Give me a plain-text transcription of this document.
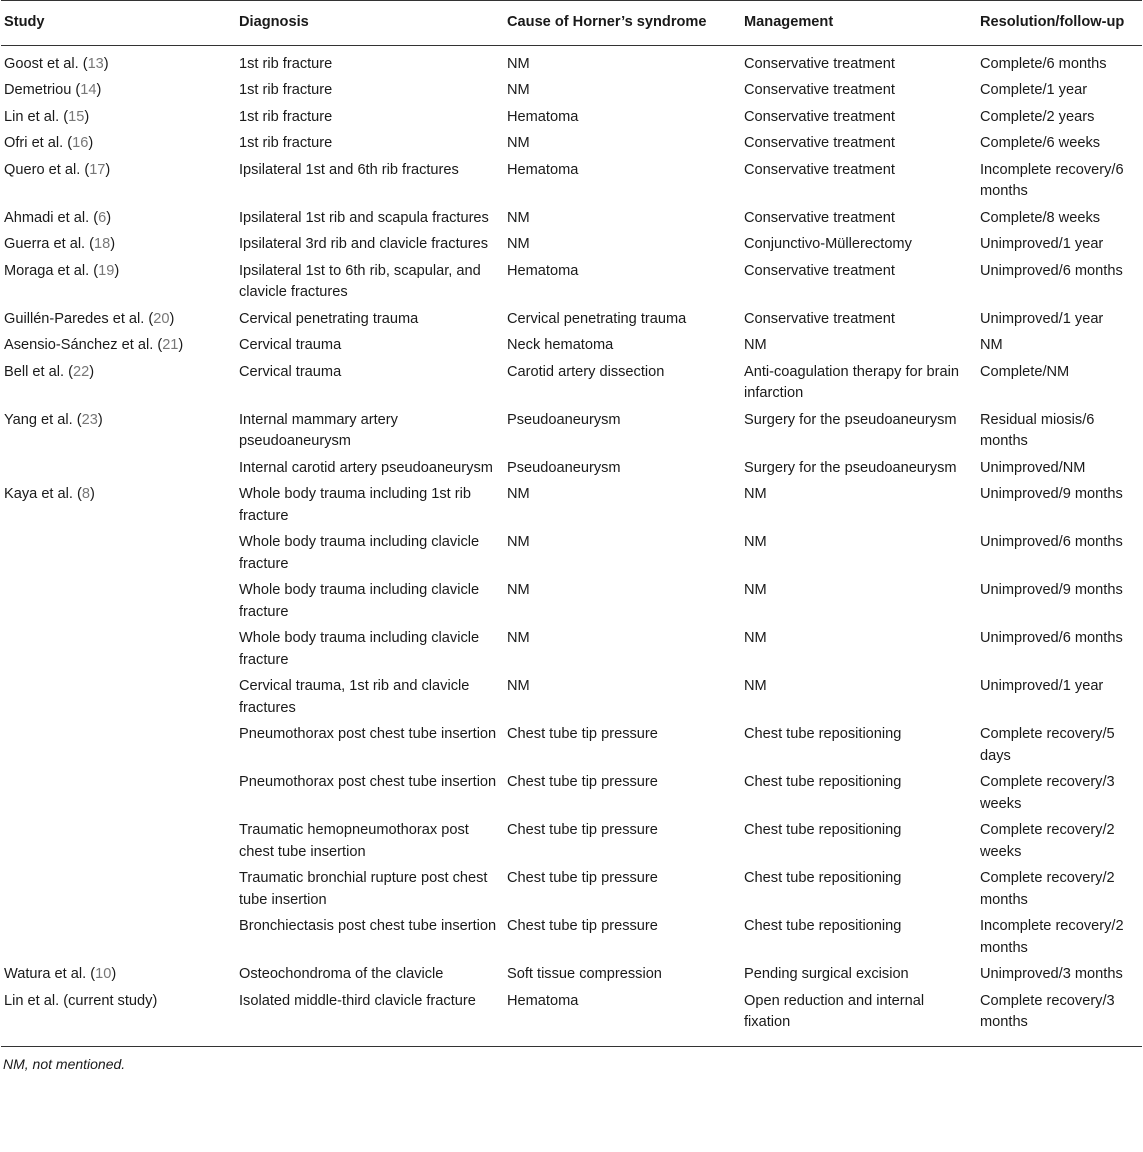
Study	Diagnosis	Cause of Horner’s syndrome	Management	Resolution/follow-up
Goost et al. (13)	1st rib fracture	NM	Conservative treatment	Complete/6 months
Demetriou (14)	1st rib fracture	NM	Conservative treatment	Complete/1 year
Lin et al. (15)	1st rib fracture	Hematoma	Conservative treatment	Complete/2 years
Ofri et al. (16)	1st rib fracture	NM	Conservative treatment	Complete/6 weeks
Quero et al. (17)	Ipsilateral 1st and 6th rib fractures	Hematoma	Conservative treatment	Incomplete recovery/6 months
Ahmadi et al. (6)	Ipsilateral 1st rib and scapula fractures	NM	Conservative treatment	Complete/8 weeks
Guerra et al. (18)	Ipsilateral 3rd rib and clavicle fractures	NM	Conjunctivo-Müllerectomy	Unimproved/1 year
Moraga et al. (19)	Ipsilateral 1st to 6th rib, scapular, and clavicle fractures	Hematoma	Conservative treatment	Unimproved/6 months
Guillén-Paredes et al. (20)	Cervical penetrating trauma	Cervical penetrating trauma	Conservative treatment	Unimproved/1 year
Asensio-Sánchez et al. (21)	Cervical trauma	Neck hematoma	NM	NM
Bell et al. (22)	Cervical trauma	Carotid artery dissection	Anti-coagulation therapy for brain infarction	Complete/NM
Yang et al. (23)	Internal mammary artery pseudoaneurysm	Pseudoaneurysm	Surgery for the pseudoaneurysm	Residual miosis/6 months
	Internal carotid artery pseudoaneurysm	Pseudoaneurysm	Surgery for the pseudoaneurysm	Unimproved/NM
Kaya et al. (8)	Whole body trauma including 1st rib fracture	NM	NM	Unimproved/9 months
	Whole body trauma including clavicle fracture	NM	NM	Unimproved/6 months
	Whole body trauma including clavicle fracture	NM	NM	Unimproved/9 months
	Whole body trauma including clavicle fracture	NM	NM	Unimproved/6 months
	Cervical trauma, 1st rib and clavicle fractures	NM	NM	Unimproved/1 year
	Pneumothorax post chest tube insertion	Chest tube tip pressure	Chest tube repositioning	Complete recovery/5 days
	Pneumothorax post chest tube insertion	Chest tube tip pressure	Chest tube repositioning	Complete recovery/3 weeks
	Traumatic hemopneumothorax post chest tube insertion	Chest tube tip pressure	Chest tube repositioning	Complete recovery/2 weeks
	Traumatic bronchial rupture post chest tube insertion	Chest tube tip pressure	Chest tube repositioning	Complete recovery/2 months
	Bronchiectasis post chest tube insertion	Chest tube tip pressure	Chest tube repositioning	Incomplete recovery/2 months
Watura et al. (10)	Osteochondroma of the clavicle	Soft tissue compression	Pending surgical excision	Unimproved/3 months
Lin et al. (current study)	Isolated middle-third clavicle fracture	Hematoma	Open reduction and internal fixation	Complete recovery/3 months
NM, not mentioned.
